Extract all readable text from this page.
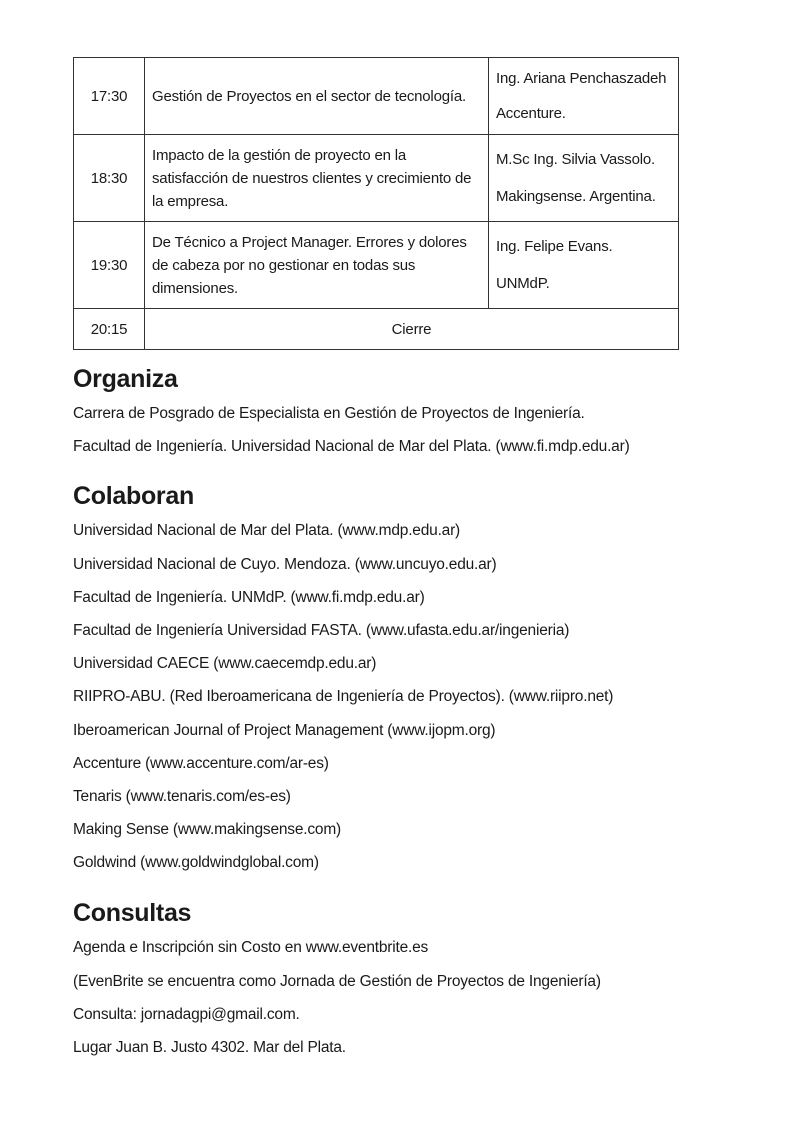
17:30	Gestión de Proyectos en el sector de tecnología.	Ing. Ariana Penchaszadeh
Accenture.

18:30	Impacto de la gestión de proyecto en la satisfacción de nuestros clientes y crecimiento de la empresa.	M.Sc Ing. Silvia Vassolo.
Makingsense. Argentina.

19:30	De Técnico a Project Manager. Errores y dolores de cabeza por no gestionar en todas sus dimensiones.	Ing. Felipe Evans.
UNMdP.

20:15	Cierre	
Organiza
Carrera de Posgrado de Especialista en Gestión de Proyectos de Ingeniería.
Facultad de Ingeniería. Universidad Nacional de Mar del Plata. (www.fi.mdp.edu.ar)
Colaboran
Universidad Nacional de Mar del Plata. (www.mdp.edu.ar)
Universidad Nacional de Cuyo. Mendoza. (www.uncuyo.edu.ar)
Facultad de Ingeniería. UNMdP. (www.fi.mdp.edu.ar)
Facultad de Ingeniería Universidad FASTA. (www.ufasta.edu.ar/ingenieria)
Universidad CAECE (www.caecemdp.edu.ar)
RIIPRO-ABU. (Red Iberoamericana de Ingeniería de Proyectos). (www.riipro.net)
Iberoamerican Journal of Project Management (www.ijopm.org)
Accenture (www.accenture.com/ar-es)
Tenaris (www.tenaris.com/es-es)
Making Sense (www.makingsense.com)
Goldwind (www.goldwindglobal.com)
Consultas
Agenda e Inscripción sin Costo en www.eventbrite.es
(EvenBrite se encuentra como Jornada de Gestión de Proyectos de Ingeniería)
Consulta: jornadagpi@gmail.com.
Lugar Juan B. Justo 4302. Mar del Plata.
